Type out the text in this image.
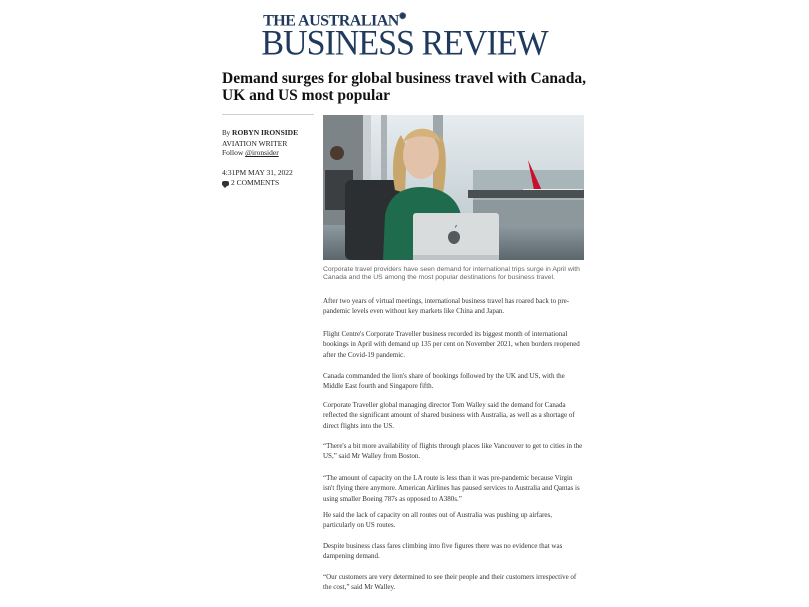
THE AUSTRALIAN✺
BUSINESS REVIEW
Demand surges for global business travel with Canada, UK and US most popular
By ROBYN IRONSIDE
AVIATION WRITER
Follow @ironsider
4:31PM MAY 31, 2022
2 COMMENTS
Corporate travel providers have seen demand for international trips surge in April with Canada and the US among the most popular destinations for business travel.

After two years of virtual meetings, international business travel has roared back to pre-pandemic levels even without key markets like China and Japan.

Flight Centre's Corporate Traveller business recorded its biggest month of international bookings in April with demand up 135 per cent on November 2021, when borders reopened after the Covid-19 pandemic.

Canada commanded the lion's share of bookings followed by the UK and US, with the Middle East fourth and Singapore fifth.

Corporate Traveller global managing director Tom Walley said the demand for Canada reflected the significant amount of shared business with Australia, as well as a shortage of direct flights into the US.

“There's a bit more availability of flights through places like Vancouver to get to cities in the US,” said Mr Walley from Boston.

“The amount of capacity on the LA route is less than it was pre-pandemic because Virgin isn't flying there anymore. American Airlines has paused services to Australia and Qantas is using smaller Boeing 787s as opposed to A380s.”

He said the lack of capacity on all routes out of Australia was pushing up airfares, particularly on US routes.

Despite business class fares climbing into five figures there was no evidence that was dampening demand.

“Our customers are very determined to see their people and their customers irrespective of the cost,” said Mr Walley.
